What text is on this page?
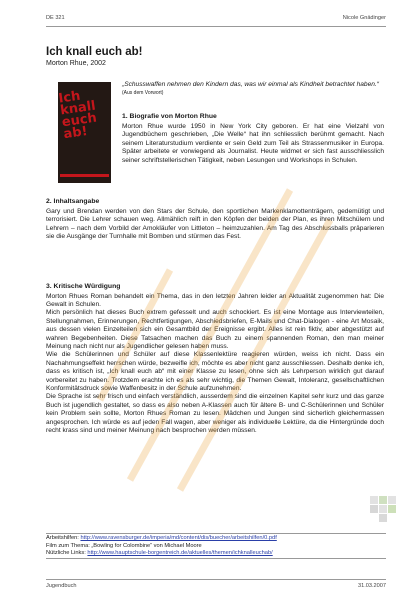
DE 321	Nicole Gnädinger
Ich knall euch ab!
Morton Rhue, 2002
Ich knall euch ab!
„Schusswaffen nehmen den Kindern das, was wir einmal als Kindheit betrachtet haben.“ (Aus dem Vorwort)
1. Biografie von Morton Rhue

Morton Rhue wurde 1950 in New York City geboren. Er hat eine Vielzahl von Jugendbüchern geschrieben, „Die Welle“ hat ihn schliesslich berühmt gemacht. Nach seinem Literaturstudium verdiente er sein Geld zum Teil als Strassenmusiker in Europa. Später arbeitete er vorwiegend als Journalist. Heute widmet er sich fast ausschliesslich seiner schriftstellerischen Tätigkeit, neben Lesungen und Workshops in Schulen.

2. Inhaltsangabe

Gary und Brendan werden von den Stars der Schule, den sportlichen Markenklamottenträgern, gedemütigt und terrorisiert. Die Lehrer schauen weg. Allmählich reift in den Köpfen der beiden der Plan, es ihren Mitschülern und Lehrern – nach dem Vorbild der Amokläufer von Littleton – heimzuzahlen. Am Tag des Abschlussballs präparieren sie die Ausgänge der Turnhalle mit Bomben und stürmen das Fest.

3. Kritische Würdigung

Morton Rhues Roman behandelt ein Thema, das in den letzten Jahren leider an Aktualität zugenommen hat: Die Gewalt in Schulen.

Mich persönlich hat dieses Buch extrem gefesselt und auch schockiert. Es ist eine Montage aus Interviewteilen, Stellungnahmen, Erinnerungen, Rechtfertigungen, Abschiedsbriefen, E-Mails und Chat-Dialogen - eine Art Mosaik, aus dessen vielen Einzelteilen sich ein Gesamtbild der Ereignisse ergibt. Alles ist rein fiktiv, aber abgestützt auf wahren Begebenheiten. Diese Tatsachen machen das Buch zu einem spannenden Roman, den man meiner Meinung nach nicht nur als Jugendlicher gelesen haben muss.

Wie die Schülerinnen und Schüler auf diese Klassenlektüre reagieren würden, weiss ich nicht. Dass ein Nachahmungseffekt herrschen würde, bezweifle ich, möchte es aber nicht ganz ausschliessen. Deshalb denke ich, dass es kritisch ist, „Ich knall euch ab“ mit einer Klasse zu lesen, ohne sich als Lehrperson wirklich gut darauf vorbereitet zu haben. Trotzdem erachte ich es als sehr wichtig, die Themen Gewalt, Intoleranz, gesellschaftlichen Konformitätsdruck sowie Waffenbesitz in der Schule aufzunehmen.

Die Sprache ist sehr frisch und einfach verständlich, ausserdem sind die einzelnen Kapitel sehr kurz und das ganze Buch ist jugendlich gestaltet, so dass es also neben A-Klassen auch für ältere B- und C-Schülerinnen und Schüler kein Problem sein sollte, Morton Rhues Roman zu lesen. Mädchen und Jungen sind sicherlich gleichermassen angesprochen. Ich würde es auf jeden Fall wagen, aber weniger als individuelle Lektüre, da die Hintergründe doch recht krass sind und meiner Meinung nach besprochen werden müssen.

Arbeitshilfen: http://www.ravensburger.de/imperia/md/content/dis/buecher/arbeitshilfen/0.pdf
Film zum Thema: „Bowling for Colombine“ von Michael Moore
Nützliche Links: http://www.hauptschule-borgentreich.de/aktuelles/themen/ichknalleuchab/
Jugendbuch	31.03.2007
